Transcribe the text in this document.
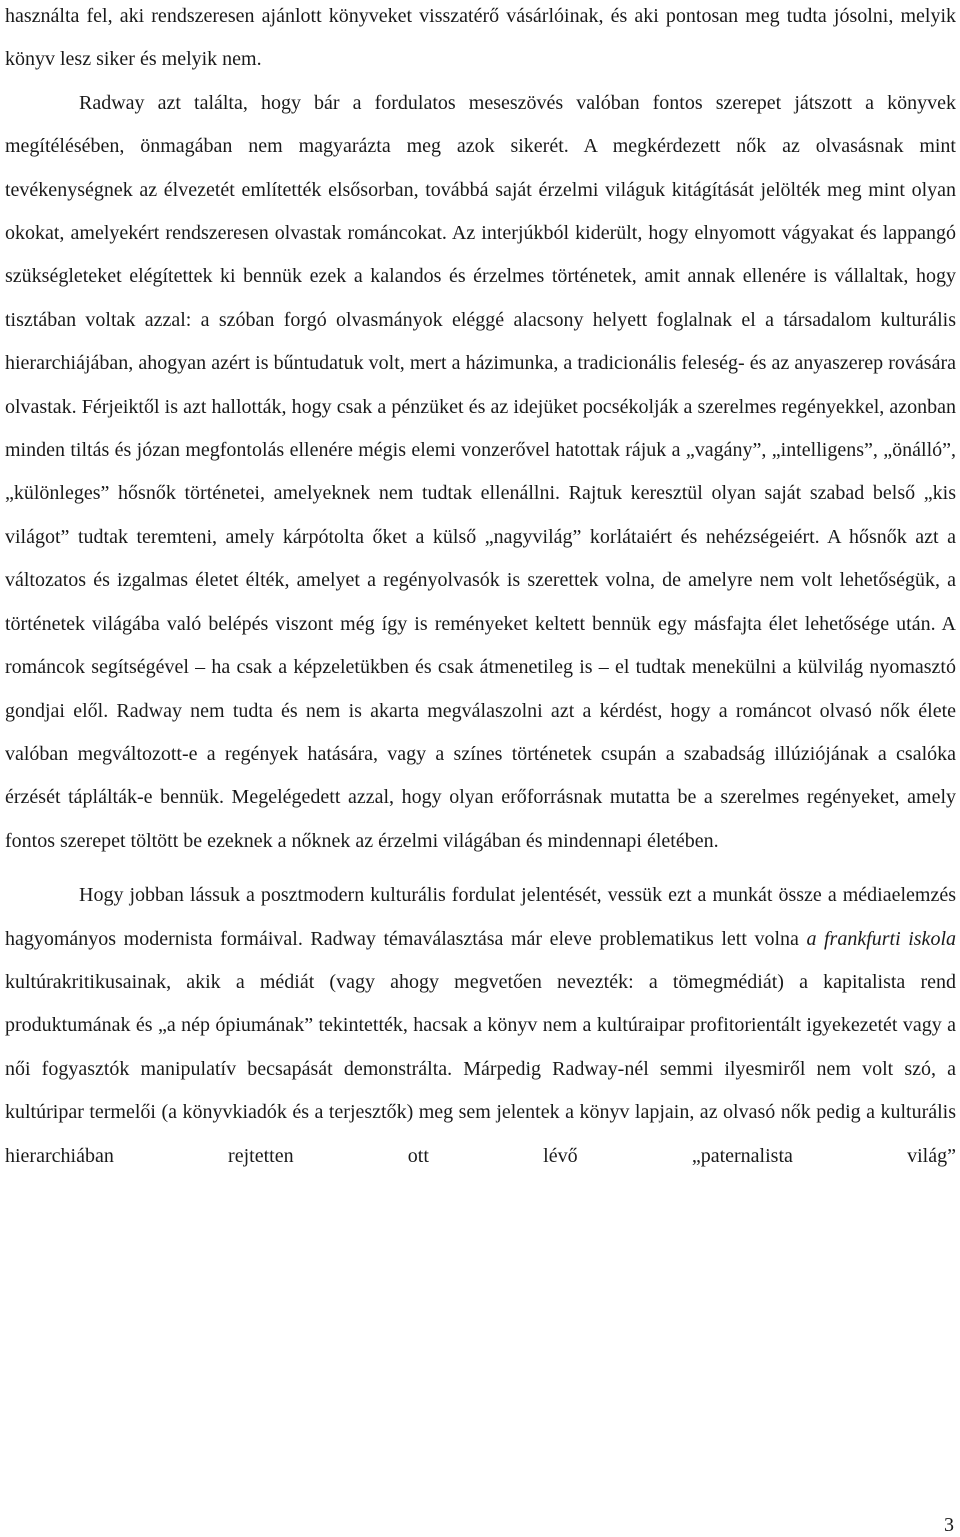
használta fel, aki rendszeresen ajánlott könyveket visszatérő vásárlóinak, és aki pontosan meg tudta jósolni, melyik könyv lesz siker és melyik nem.

Radway azt találta, hogy bár a fordulatos meseszövés valóban fontos szerepet játszott a könyvek megítélésében, önmagában nem magyarázta meg azok sikerét. A megkérdezett nők az olvasásnak mint tevékenységnek az élvezetét említették elsősorban, továbbá saját érzelmi világuk kitágítását jelölték meg mint olyan okokat, amelyekért rendszeresen olvastak románcokat. Az interjúkból kiderült, hogy elnyomott vágyakat és lappangó szükségleteket elégítettek ki bennük ezek a kalandos és érzelmes történetek, amit annak ellenére is vállaltak, hogy tisztában voltak azzal: a szóban forgó olvasmányok eléggé alacsony helyett foglalnak el a társadalom kulturális hierarchiájában, ahogyan azért is bűntudatuk volt, mert a házimunka, a tradicionális feleség- és az anyaszerep rovására olvastak. Férjeiktől is azt hallották, hogy csak a pénzüket és az idejüket pocsékolják a szerelmes regényekkel, azonban minden tiltás és józan megfontolás ellenére mégis elemi vonzerővel hatottak rájuk a „vagány”, „intelligens”, „önálló”, „különleges” hősnők történetei, amelyeknek nem tudtak ellenállni. Rajtuk keresztül olyan saját szabad belső „kis világot” tudtak teremteni, amely kárpótolta őket a külső „nagyvilág” korlátaiért és nehézségeiért. A hősnők azt a változatos és izgalmas életet élték, amelyet a regényolvasók is szerettek volna, de amelyre nem volt lehetőségük, a történetek világába való belépés viszont még így is reményeket keltett bennük egy másfajta élet lehetősége után. A románcok segítségével – ha csak a képzeletükben és csak átmenetileg is – el tudtak menekülni a külvilág nyomasztó gondjai elől. Radway nem tudta és nem is akarta megválaszolni azt a kérdést, hogy a románcot olvasó nők élete valóban megváltozott-e a regények hatására, vagy a színes történetek csupán a szabadság illúziójának a csalóka érzését táplálták-e bennük. Megelégedett azzal, hogy olyan erőforrásnak mutatta be a szerelmes regényeket, amely fontos szerepet töltött be ezeknek a nőknek az érzelmi világában és mindennapi életében.

Hogy jobban lássuk a posztmodern kulturális fordulat jelentését, vessük ezt a munkát össze a médiaelemzés hagyományos modernista formáival. Radway témaválasztása már eleve problematikus lett volna a frankfurti iskola kultúrakritikusainak, akik a médiát (vagy ahogy megvetően nevezték: a tömegmédiát) a kapitalista rend produktumának és „a nép ópiumának” tekintették, hacsak a könyv nem a kultúraipar profitorientált igyekezetét vagy a női fogyasztók manipulatív becsapását demonstrálta. Márpedig Radway-nél semmi ilyesmiről nem volt szó, a kultúripar termelői (a könyvkiadók és a terjesztők) meg sem jelentek a könyv lapjain, az olvasó nők pedig a kulturális hierarchiában rejtetten ott lévő „paternalista világ”

3
